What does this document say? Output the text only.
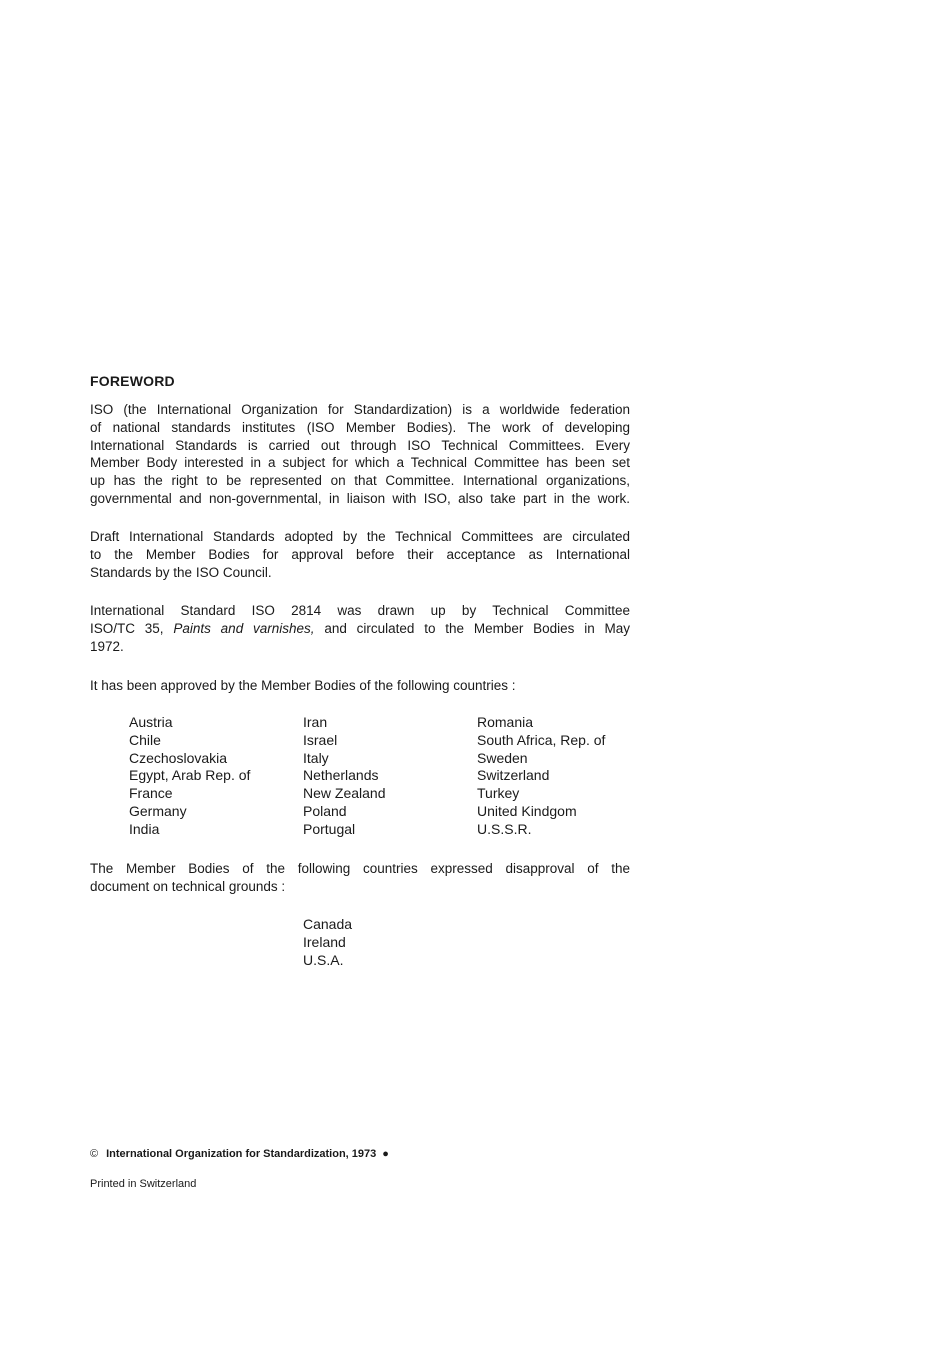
FOREWORD
ISO (the International Organization for Standardization) is a worldwide federation
of national standards institutes (ISO Member Bodies). The work of developing
International Standards is carried out through ISO Technical Committees. Every
Member Body interested in a subject for which a Technical Committee has been set
up has the right to be represented on that Committee. International organizations,
governmental and non-governmental, in liaison with ISO, also take part in the work.
Draft International Standards adopted by the Technical Committees are circulated
to the Member Bodies for approval before their acceptance as International
Standards by the ISO Council.
International Standard ISO 2814 was drawn up by Technical Committee
ISO/TC 35, Paints and varnishes, and circulated to the Member Bodies in May
1972.
It has been approved by the Member Bodies of the following countries :
Austria
Chile
Czechoslovakia
Egypt, Arab Rep. of
France
Germany
India
Iran
Israel
Italy
Netherlands
New Zealand
Poland
Portugal
Romania
South Africa, Rep. of
Sweden
Switzerland
Turkey
United Kindgom
U.S.S.R.
The Member Bodies of the following countries expressed disapproval of the
document on technical grounds :
Canada
Ireland
U.S.A.
© International Organization for Standardization, 1973 ●
Printed in Switzerland
